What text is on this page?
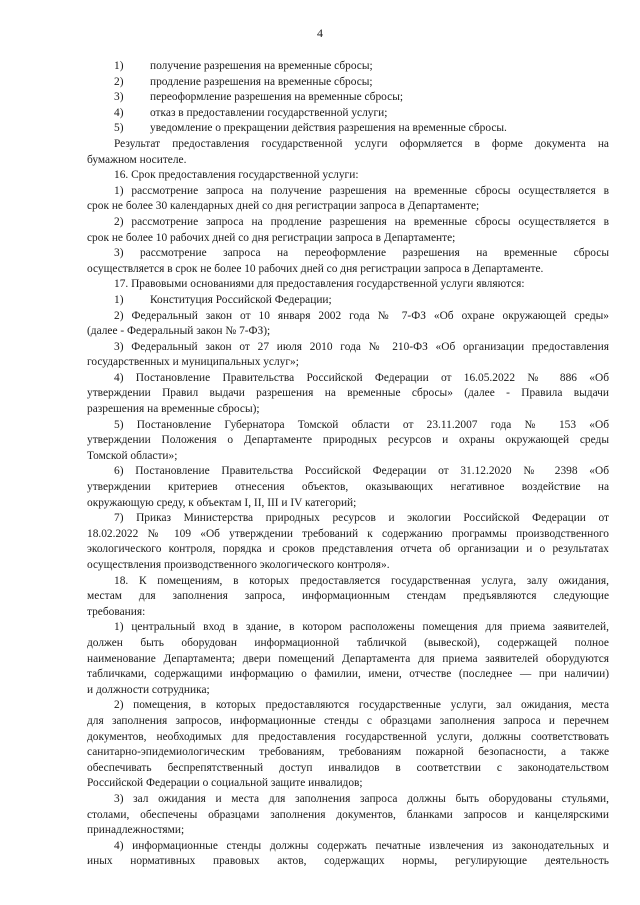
4
1) получение разрешения на временные сбросы;
2) продление разрешения на временные сбросы;
3) переоформление разрешения на временные сбросы;
4) отказ в предоставлении государственной услуги;
5) уведомление о прекращении действия разрешения на временные сбросы.
Результат предоставления государственной услуги оформляется в форме документа на
бумажном носителе.
16. Срок предоставления государственной услуги:
1) рассмотрение запроса на получение разрешения на временные сбросы осуществляется в
срок не более 30 календарных дней со дня регистрации запроса в Департаменте;
2) рассмотрение запроса на продление разрешения на временные сбросы осуществляется в
срок не более 10 рабочих дней со дня регистрации запроса в Департаменте;
3) рассмотрение запроса на переоформление разрешения на временные сбросы
осуществляется в срок не более 10 рабочих дней со дня регистрации запроса в Департаменте.
17. Правовыми основаниями для предоставления государственной услуги являются:
1) Конституция Российской Федерации;
2) Федеральный закон от 10 января 2002 года № 7-ФЗ «Об охране окружающей среды»
(далее - Федеральный закон № 7-ФЗ);
3) Федеральный закон от 27 июля 2010 года № 210-ФЗ «Об организации предоставления
государственных и муниципальных услуг»;
4) Постановление Правительства Российской Федерации от 16.05.2022 № 886 «Об
утверждении Правил выдачи разрешения на временные сбросы» (далее - Правила выдачи
разрешения на временные сбросы);
5) Постановление Губернатора Томской области от 23.11.2007 года № 153 «Об
утверждении Положения о Департаменте природных ресурсов и охраны окружающей среды
Томской области»;
6) Постановление Правительства Российской Федерации от 31.12.2020 № 2398 «Об
утверждении критериев отнесения объектов, оказывающих негативное воздействие на
окружающую среду, к объектам I, II, III и IV категорий;
7) Приказ Министерства природных ресурсов и экологии Российской Федерации от
18.02.2022 № 109 «Об утверждении требований к содержанию программы производственного
экологического контроля, порядка и сроков представления отчета об организации и о результатах
осуществления производственного экологического контроля».
18. К помещениям, в которых предоставляется государственная услуга, залу ожидания,
местам для заполнения запроса, информационным стендам предъявляются следующие
требования:
1) центральный вход в здание, в котором расположены помещения для приема заявителей,
должен быть оборудован информационной табличкой (вывеской), содержащей полное
наименование Департамента; двери помещений Департамента для приема заявителей оборудуются
табличками, содержащими информацию о фамилии, имени, отчестве (последнее — при наличии)
и должности сотрудника;
2) помещения, в которых предоставляются государственные услуги, зал ожидания, места
для заполнения запросов, информационные стенды с образцами заполнения запроса и перечнем
документов, необходимых для предоставления государственной услуги, должны соответствовать
санитарно-эпидемиологическим требованиям, требованиям пожарной безопасности, а также
обеспечивать беспрепятственный доступ инвалидов в соответствии с законодательством
Российской Федерации о социальной защите инвалидов;
3) зал ожидания и места для заполнения запроса должны быть оборудованы стульями,
столами, обеспечены образцами заполнения документов, бланками запросов и канцелярскими
принадлежностями;
4) информационные стенды должны содержать печатные извлечения из законодательных и
иных нормативных правовых актов, содержащих нормы, регулирующие деятельность
